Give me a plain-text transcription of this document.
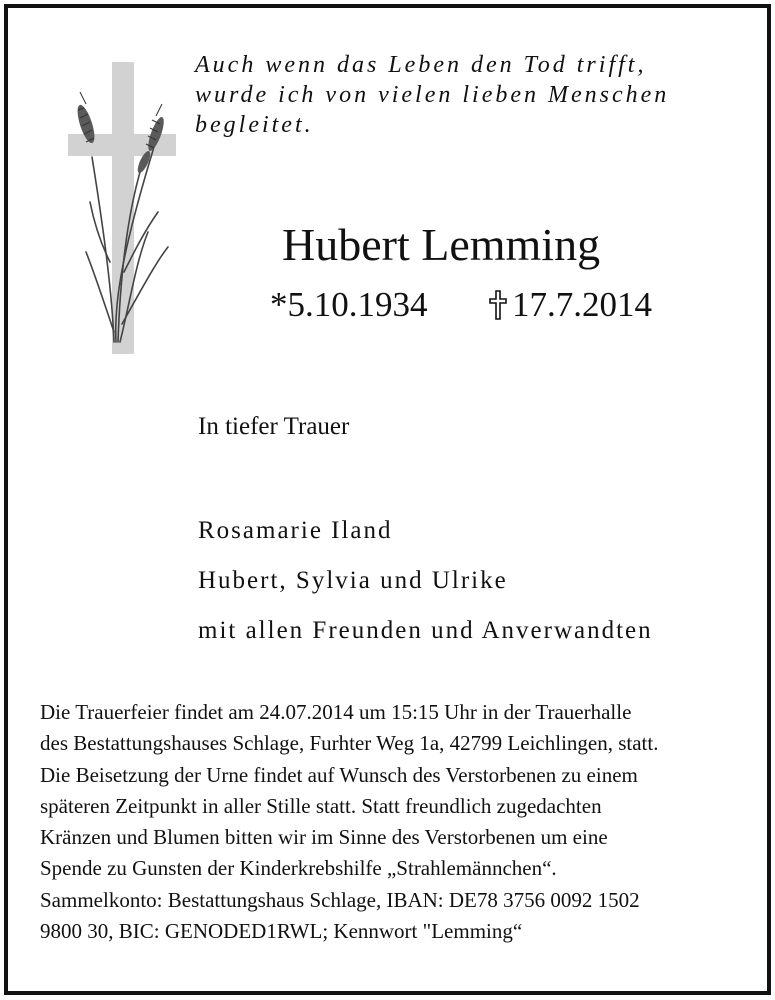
Auch wenn das Leben den Tod trifft,
wurde ich von vielen lieben Menschen
begleitet.

Hubert Lemming
*5.10.1934 17.7.2014
In tiefer Trauer
Rosamarie Iland
Hubert, Sylvia und Ulrike
mit allen Freunden und Anverwandten
Die Trauerfeier findet am 24.07.2014 um 15:15 Uhr in der Trauerhalle
des Bestattungshauses Schlage, Furhter Weg 1a, 42799 Leichlingen, statt.
Die Beisetzung der Urne findet auf Wunsch des Verstorbenen zu einem
späteren Zeitpunkt in aller Stille statt. Statt freundlich zugedachten
Kränzen und Blumen bitten wir im Sinne des Verstorbenen um eine
Spende zu Gunsten der Kinderkrebshilfe „Strahlemännchen“.
Sammelkonto: Bestattungshaus Schlage, IBAN: DE78 3756 0092 1502
9800 30, BIC: GENODED1RWL; Kennwort "Lemming“
